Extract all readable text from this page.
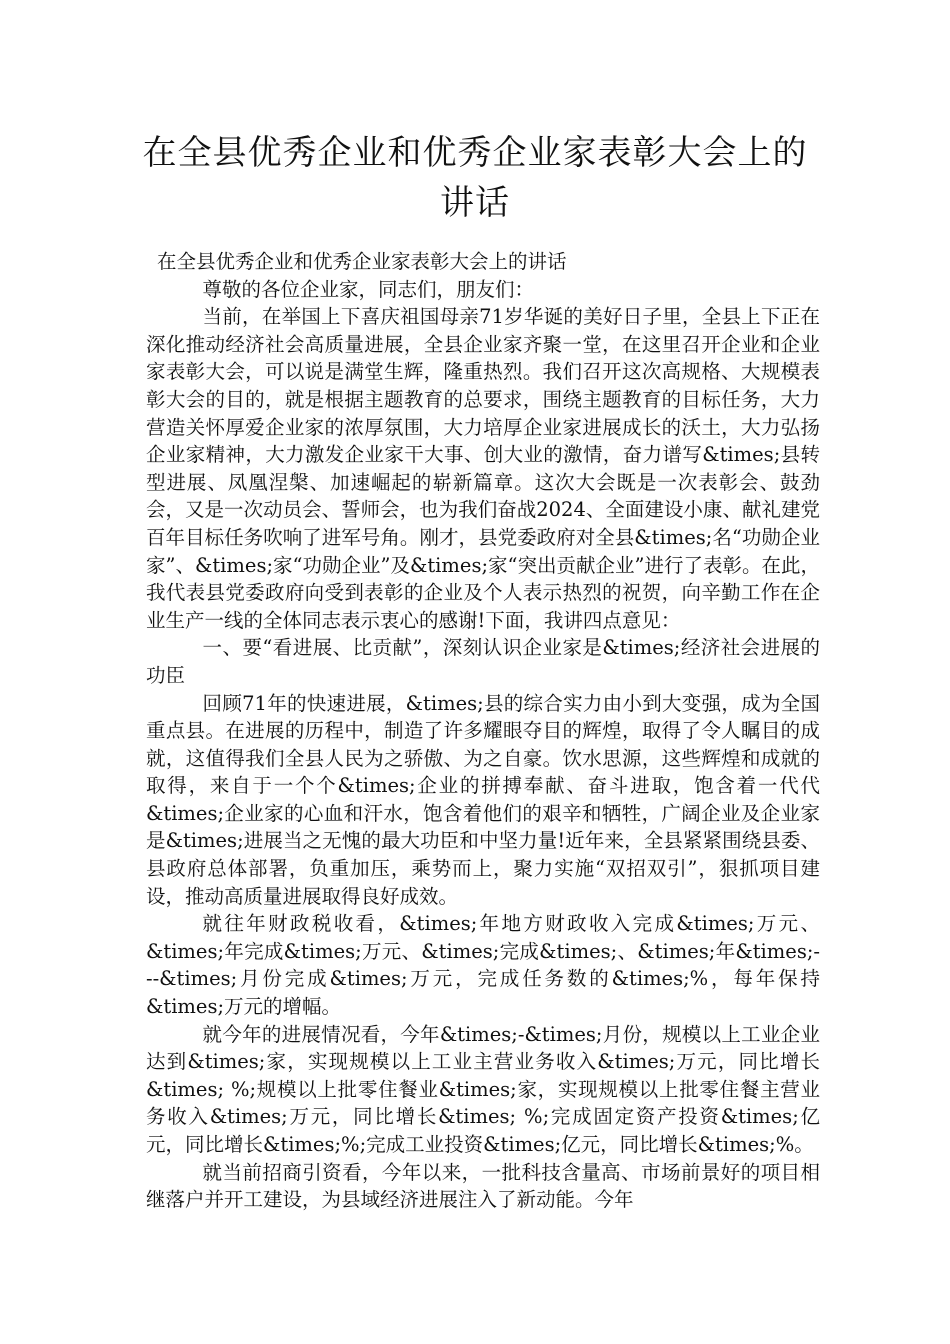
在全县优秀企业和优秀企业家表彰大会上的讲话

在全县优秀企业和优秀企业家表彰大会上的讲话

尊敬的各位企业家，同志们，朋友们：

当前，在举国上下喜庆祖国母亲71岁华诞的美好日子里，全县上下正在深化推动经济社会高质量进展，全县企业家齐聚一堂，在这里召开企业和企业家表彰大会，可以说是满堂生辉，隆重热烈。我们召开这次高规格、大规模表彰大会的目的，就是根据主题教育的总要求，围绕主题教育的目标任务，大力营造关怀厚爱企业家的浓厚氛围，大力培厚企业家进展成长的沃土，大力弘扬企业家精神，大力激发企业家干大事、创大业的激情，奋力谱写&times;县转型进展、凤凰涅槃、加速崛起的崭新篇章。这次大会既是一次表彰会、鼓劲会，又是一次动员会、誓师会，也为我们奋战2024、全面建设小康、献礼建党百年目标任务吹响了进军号角。刚才，县党委政府对全县&times;名“功勋企业家”、&times;家“功勋企业”及&times;家“突出贡献企业”进行了表彰。在此，我代表县党委政府向受到表彰的企业及个人表示热烈的祝贺，向辛勤工作在企业生产一线的全体同志表示衷心的感谢!下面，我讲四点意见：

一、要“看进展、比贡献”，深刻认识企业家是&times;经济社会进展的功臣

回顾71年的快速进展，&times;县的综合实力由小到大变强，成为全国重点县。在进展的历程中，制造了许多耀眼夺目的辉煌，取得了令人瞩目的成就，这值得我们全县人民为之骄傲、为之自豪。饮水思源，这些辉煌和成就的取得，来自于一个个&times;企业的拼搏奉献、奋斗进取，饱含着一代代&times;企业家的心血和汗水，饱含着他们的艰辛和牺牲，广阔企业及企业家是&times;进展当之无愧的最大功臣和中坚力量!近年来，全县紧紧围绕县委、县政府总体部署，负重加压，乘势而上，聚力实施“双招双引”，狠抓项目建设，推动高质量进展取得良好成效。

就往年财政税收看，&times;年地方财政收入完成&times;万元、&times;年完成&times;万元、&times;完成&times;、&times;年&times;---&times;月份完成&times;万元，完成任务数的&times;%，每年保持&times;万元的增幅。

就今年的进展情况看，今年&times;-&times;月份，规模以上工业企业达到&times;家，实现规模以上工业主营业务收入&times;万元，同比增长&times; %;规模以上批零住餐业&times;家，实现规模以上批零住餐主营业务收入&times;万元，同比增长&times; %;完成固定资产投资&times;亿元，同比增长&times;%;完成工业投资&times;亿元，同比增长&times;%。

就当前招商引资看，今年以来，一批科技含量高、市场前景好的项目相继落户并开工建设，为县域经济进展注入了新动能。今年
